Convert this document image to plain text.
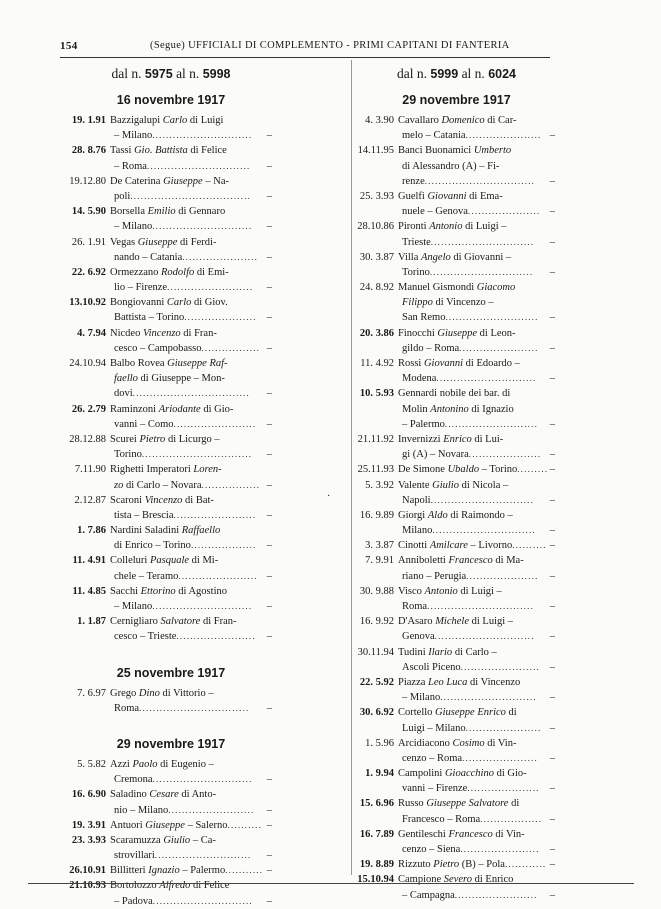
154	(Segue) UFFICIALI DI COMPLEMENTO - PRIMI CAPITANI DI FANTERIA
dal n. 5975 al n. 5998
16 novembre 1917
19. 1.91 Bazzigalupi Carlo di Luigi
– Milano.............................–
28. 8.76 Tassi Gio. Battista di Felice
– Roma..............................–
19.12.80 De Caterina Giuseppe – Na-
poli...................................–
14. 5.90 Borsella Emilio di Gennaro
– Milano.............................–
26. 1.91 Vegas Giuseppe di Ferdi-
nando – Catania......................–
22. 6.92 Ormezzano Rodolfo di Emi-
lio – Firenze.........................–
13.10.92 Bongiovanni Carlo di Giov.
Battista – Torino.....................–
4. 7.94 Nicdeo Vincenzo di Fran-
cesco – Campobasso.................–
24.10.94 Balbo Rovea Giuseppe Raf-
faello di Giuseppe – Mon-
dovi..................................–
26. 2.79 Raminzoni Ariodante di Gio-
vanni – Como........................–
28.12.88 Scurei Pietro di Licurgo –
Torino................................–
7.11.90 Righetti Imperatori Loren-
zo di Carlo – Novara.................–
2.12.87 Scaroni Vincenzo di Bat-
tista – Brescia........................–
1. 7.86 Nardini Saladini Raffaello
di Enrico – Torino...................–
11. 4.91 Colleluri Pasquale di Mi-
chele – Teramo.......................–
11. 4.85 Sacchi Ettorino di Agostino
– Milano.............................–
1. 1.87 Cernigliaro Salvatore di Fran-
cesco – Trieste.......................–
25 novembre 1917
7. 6.97 Grego Dino di Vittorio –
Roma................................–
29 novembre 1917
5. 5.82 Azzi Paolo di Eugenio –
Cremona.............................–
16. 6.90 Saladino Cesare di Anto-
nio – Milano.........................–
19. 3.91 Antuori Giuseppe – Salerno..........–
23. 3.93 Scaramuzza Giulio – Ca-
strovillari............................–
26.10.91 Billitteri Ignazio – Palermo...........–
21.10.93 Bortolozzo Alfredo di Felice
– Padova.............................–
dal n. 5999 al n. 6024
29 novembre 1917
4. 3.90 Cavallaro Domenico di Car-
melo – Catania......................–
14.11.95 Banci Buonamici Umberto
di Alessandro (A) – Fi-
renze................................–
25. 3.93 Guelfi Giovanni di Ema-
nuele – Genova.....................–
28.10.86 Pironti Antonio di Luigi –
Trieste..............................–
30. 3.87 Villa Angelo di Giovanni –
Torino..............................–
24. 8.92 Manuel Gismondi Giacomo
Filippo di Vincenzo –
San Remo...........................–
20. 3.86 Finocchi Giuseppe di Leon-
gildo – Roma.......................–
11. 4.92 Rossi Giovanni di Edoardo –
Modena.............................–
10. 5.93 Gennardi nobile dei bar. di
Molin Antonino di Ignazio
– Palermo...........................–
21.11.92 Invernizzi Enrico di Lui-
gi (A) – Novara.....................–
25.11.93 De Simone Ubaldo – Torino.........–
5. 3.92 Valente Giulio di Nicola –
Napoli..............................–
16. 9.89 Giorgi Aldo di Raimondo –
Milano..............................–
3. 3.87 Cinotti Amilcare – Livorno..........–
7. 9.91 Anniboletti Francesco di Ma-
riano – Perugia.....................–
30. 9.88 Visco Antonio di Luigi –
Roma...............................–
16. 9.92 D'Asaro Michele di Luigi –
Genova.............................–
30.11.94 Tudini Ilario di Carlo –
Ascoli Piceno.......................–
22. 5.92 Piazza Leo Luca di Vincenzo
– Milano............................–
30. 6.92 Cortello Giuseppe Enrico di
Luigi – Milano......................–
1. 5.96 Arcidiacono Cosimo di Vin-
cenzo – Roma......................–
1. 9.94 Campolini Gioacchino di Gio-
vanni – Firenze.....................–
15. 6.96 Russo Giuseppe Salvatore di
Francesco – Roma..................–
16. 7.89 Gentileschi Francesco di Vin-
cenzo – Siena.......................–
19. 8.89 Rizzuto Pietro (B) – Pola............–
15.10.94 Campione Severo di Enrico
– Campagna........................–
·
